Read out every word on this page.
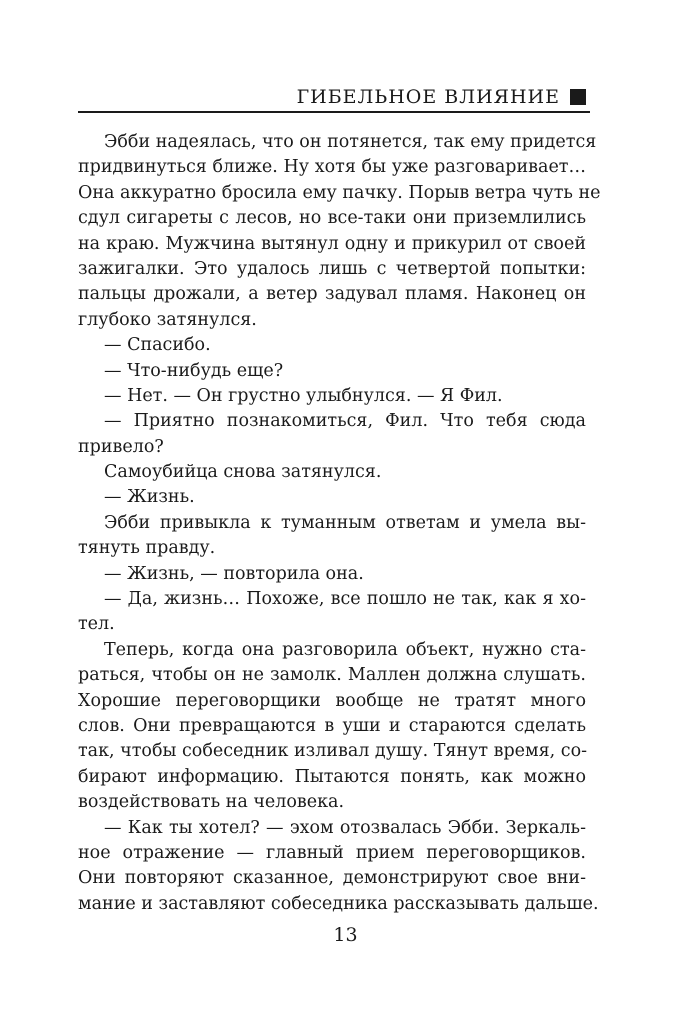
ГИБЕЛЬНОЕ ВЛИЯНИЕ
Эбби надеялась, что он потянется, так ему придется
придвинуться ближе. Ну хотя бы уже разговаривает…
Она аккуратно бросила ему пачку. Порыв ветра чуть не
сдул сигареты с лесов, но все-таки они приземлились
на краю. Мужчина вытянул одну и прикурил от своей
зажигалки. Это удалось лишь с четвертой попытки:
пальцы дрожали, а ветер задувал пламя. Наконец он
глубоко затянулся.
— Спасибо.
— Что-нибудь еще?
— Нет. — Он грустно улыбнулся. — Я Фил.
— Приятно познакомиться, Фил. Что тебя сюда
привело?
Самоубийца снова затянулся.
— Жизнь.
Эбби привыкла к туманным ответам и умела вы-
тянуть правду.
— Жизнь, — повторила она.
— Да, жизнь… Похоже, все пошло не так, как я хо-
тел.
Теперь, когда она разговорила объект, нужно ста-
раться, чтобы он не замолк. Маллен должна слушать.
Хорошие переговорщики вообще не тратят много
слов. Они превращаются в уши и стараются сделать
так, чтобы собеседник изливал душу. Тянут время, со-
бирают информацию. Пытаются понять, как можно
воздействовать на человека.
— Как ты хотел? — эхом отозвалась Эбби. Зеркаль-
ное отражение — главный прием переговорщиков.
Они повторяют сказанное, демонстрируют свое вни-
мание и заставляют собеседника рассказывать дальше.
13
